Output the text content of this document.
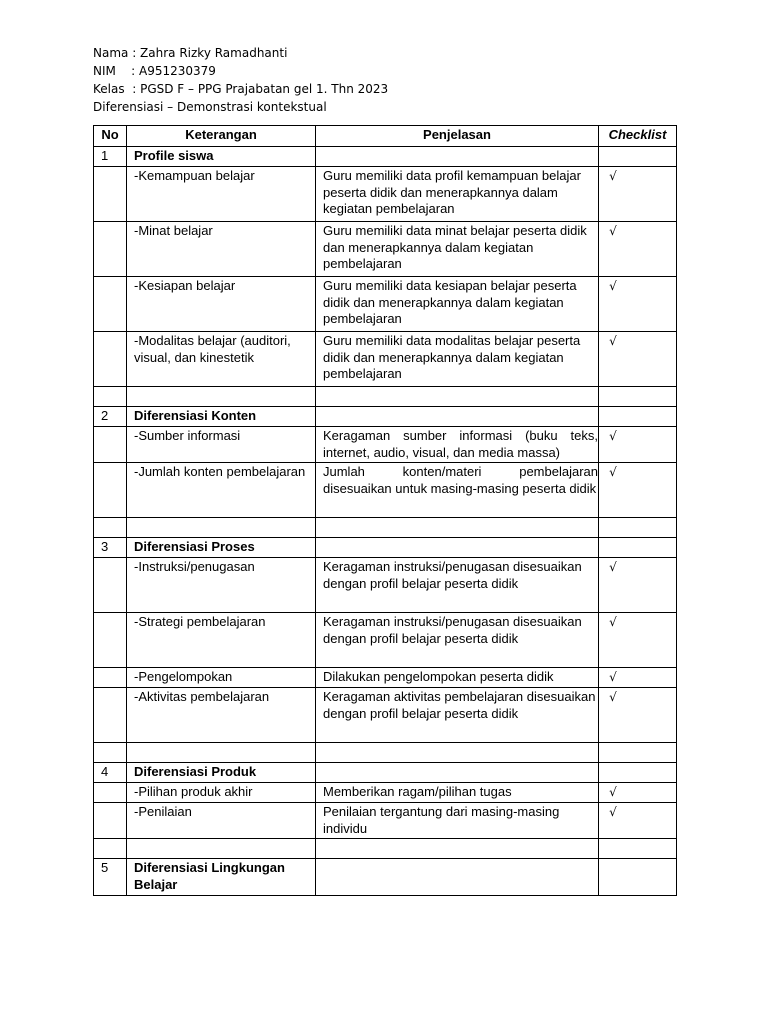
Nama : Zahra Rizky Ramadhanti
NIM    : A951230379
Kelas  : PGSD F – PPG Prajabatan gel 1. Thn 2023
Diferensiasi – Demonstrasi kontekstual
No	Keterangan	Penjelasan	Checklist
1	Profile siswa		
	-Kemampuan belajar	Guru memiliki data profil kemampuan belajar peserta didik dan menerapkannya dalam kegiatan pembelajaran	√
	-Minat belajar	Guru memiliki data minat belajar peserta didik dan menerapkannya dalam kegiatan pembelajaran	√
	-Kesiapan belajar	Guru memiliki data kesiapan belajar peserta didik dan menerapkannya dalam kegiatan pembelajaran	√
	-Modalitas belajar (auditori, visual, dan kinestetik	Guru memiliki data modalitas belajar peserta didik dan menerapkannya dalam kegiatan pembelajaran	√

2	Diferensiasi Konten		
	-Sumber informasi	Keragaman sumber informasi (buku teks, internet, audio, visual, dan media massa)	√
	-Jumlah konten pembelajaran	Jumlah konten/materi pembelajaran disesuaikan untuk masing-masing peserta didik	√

3	Diferensiasi Proses		
	-Instruksi/penugasan	Keragaman instruksi/penugasan disesuaikan dengan profil belajar peserta didik	√
	-Strategi pembelajaran	Keragaman instruksi/penugasan disesuaikan dengan profil belajar peserta didik	√
	-Pengelompokan	Dilakukan pengelompokan peserta didik	√
	-Aktivitas pembelajaran	Keragaman aktivitas pembelajaran disesuaikan dengan profil belajar peserta didik	√

4	Diferensiasi Produk		
	-Pilihan produk akhir	Memberikan ragam/pilihan tugas	√
	-Penilaian	Penilaian tergantung dari masing-masing individu	√

5	Diferensiasi Lingkungan Belajar		
